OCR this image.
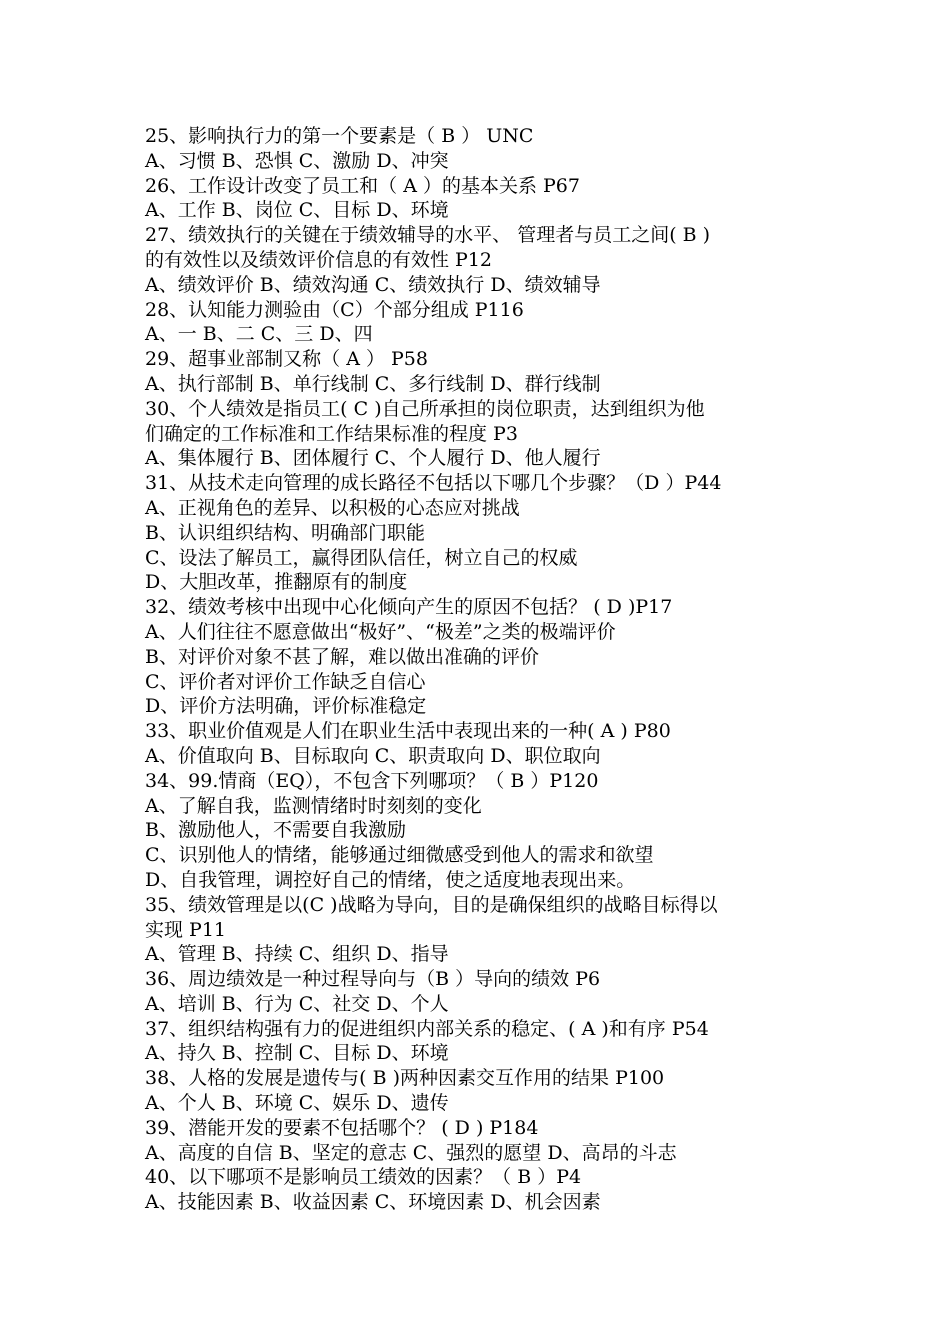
25、影响执行力的第一个要素是（ B ） UNC
A、习惯 B、恐惧 C、激励 D、冲突
26、工作设计改变了员工和（ A ）的基本关系 P67
A、工作 B、岗位 C、目标 D、环境
27、绩效执行的关键在于绩效辅导的水平、 管理者与员工之间( B )
的有效性以及绩效评价信息的有效性 P12
A、绩效评价 B、绩效沟通 C、绩效执行 D、绩效辅导
28、认知能力测验由（C）个部分组成 P116
A、一 B、二 C、三 D、四
29、超事业部制又称（ A ） P58
A、执行部制 B、单行线制 C、多行线制 D、群行线制
30、个人绩效是指员工( C )自己所承担的岗位职责，达到组织为他
们确定的工作标准和工作结果标准的程度 P3
A、集体履行 B、团体履行 C、个人履行 D、他人履行
31、从技术走向管理的成长路径不包括以下哪几个步骤？（D ）P44
A、正视角色的差异、以积极的心态应对挑战
B、认识组织结构、明确部门职能
C、设法了解员工，赢得团队信任，树立自己的权威
D、大胆改革，推翻原有的制度
32、绩效考核中出现中心化倾向产生的原因不包括？ ( D )P17
A、人们往往不愿意做出“极好”、“极差”之类的极端评价
B、对评价对象不甚了解，难以做出准确的评价
C、评价者对评价工作缺乏自信心
D、评价方法明确，评价标准稳定
33、职业价值观是人们在职业生活中表现出来的一种( A ) P80
A、价值取向 B、目标取向 C、职责取向 D、职位取向
34、99.情商（EQ），不包含下列哪项？（ B ）P120
A、了解自我，监测情绪时时刻刻的变化
B、激励他人，不需要自我激励
C、识别他人的情绪，能够通过细微感受到他人的需求和欲望
D、自我管理，调控好自己的情绪，使之适度地表现出来。
35、绩效管理是以(C )战略为导向，目的是确保组织的战略目标得以
实现 P11
A、管理 B、持续 C、组织 D、指导
36、周边绩效是一种过程导向与（B ）导向的绩效 P6
A、培训 B、行为 C、社交 D、个人
37、组织结构强有力的促进组织内部关系的稳定、( A )和有序 P54
A、持久 B、控制 C、目标 D、环境
38、人格的发展是遗传与( B )两种因素交互作用的结果 P100
A、个人 B、环境 C、娱乐 D、遗传
39、潜能开发的要素不包括哪个？ ( D ) P184
A、高度的自信 B、坚定的意志 C、强烈的愿望 D、高昂的斗志
40、以下哪项不是影响员工绩效的因素？（ B ）P4
A、技能因素 B、收益因素 C、环境因素 D、机会因素
